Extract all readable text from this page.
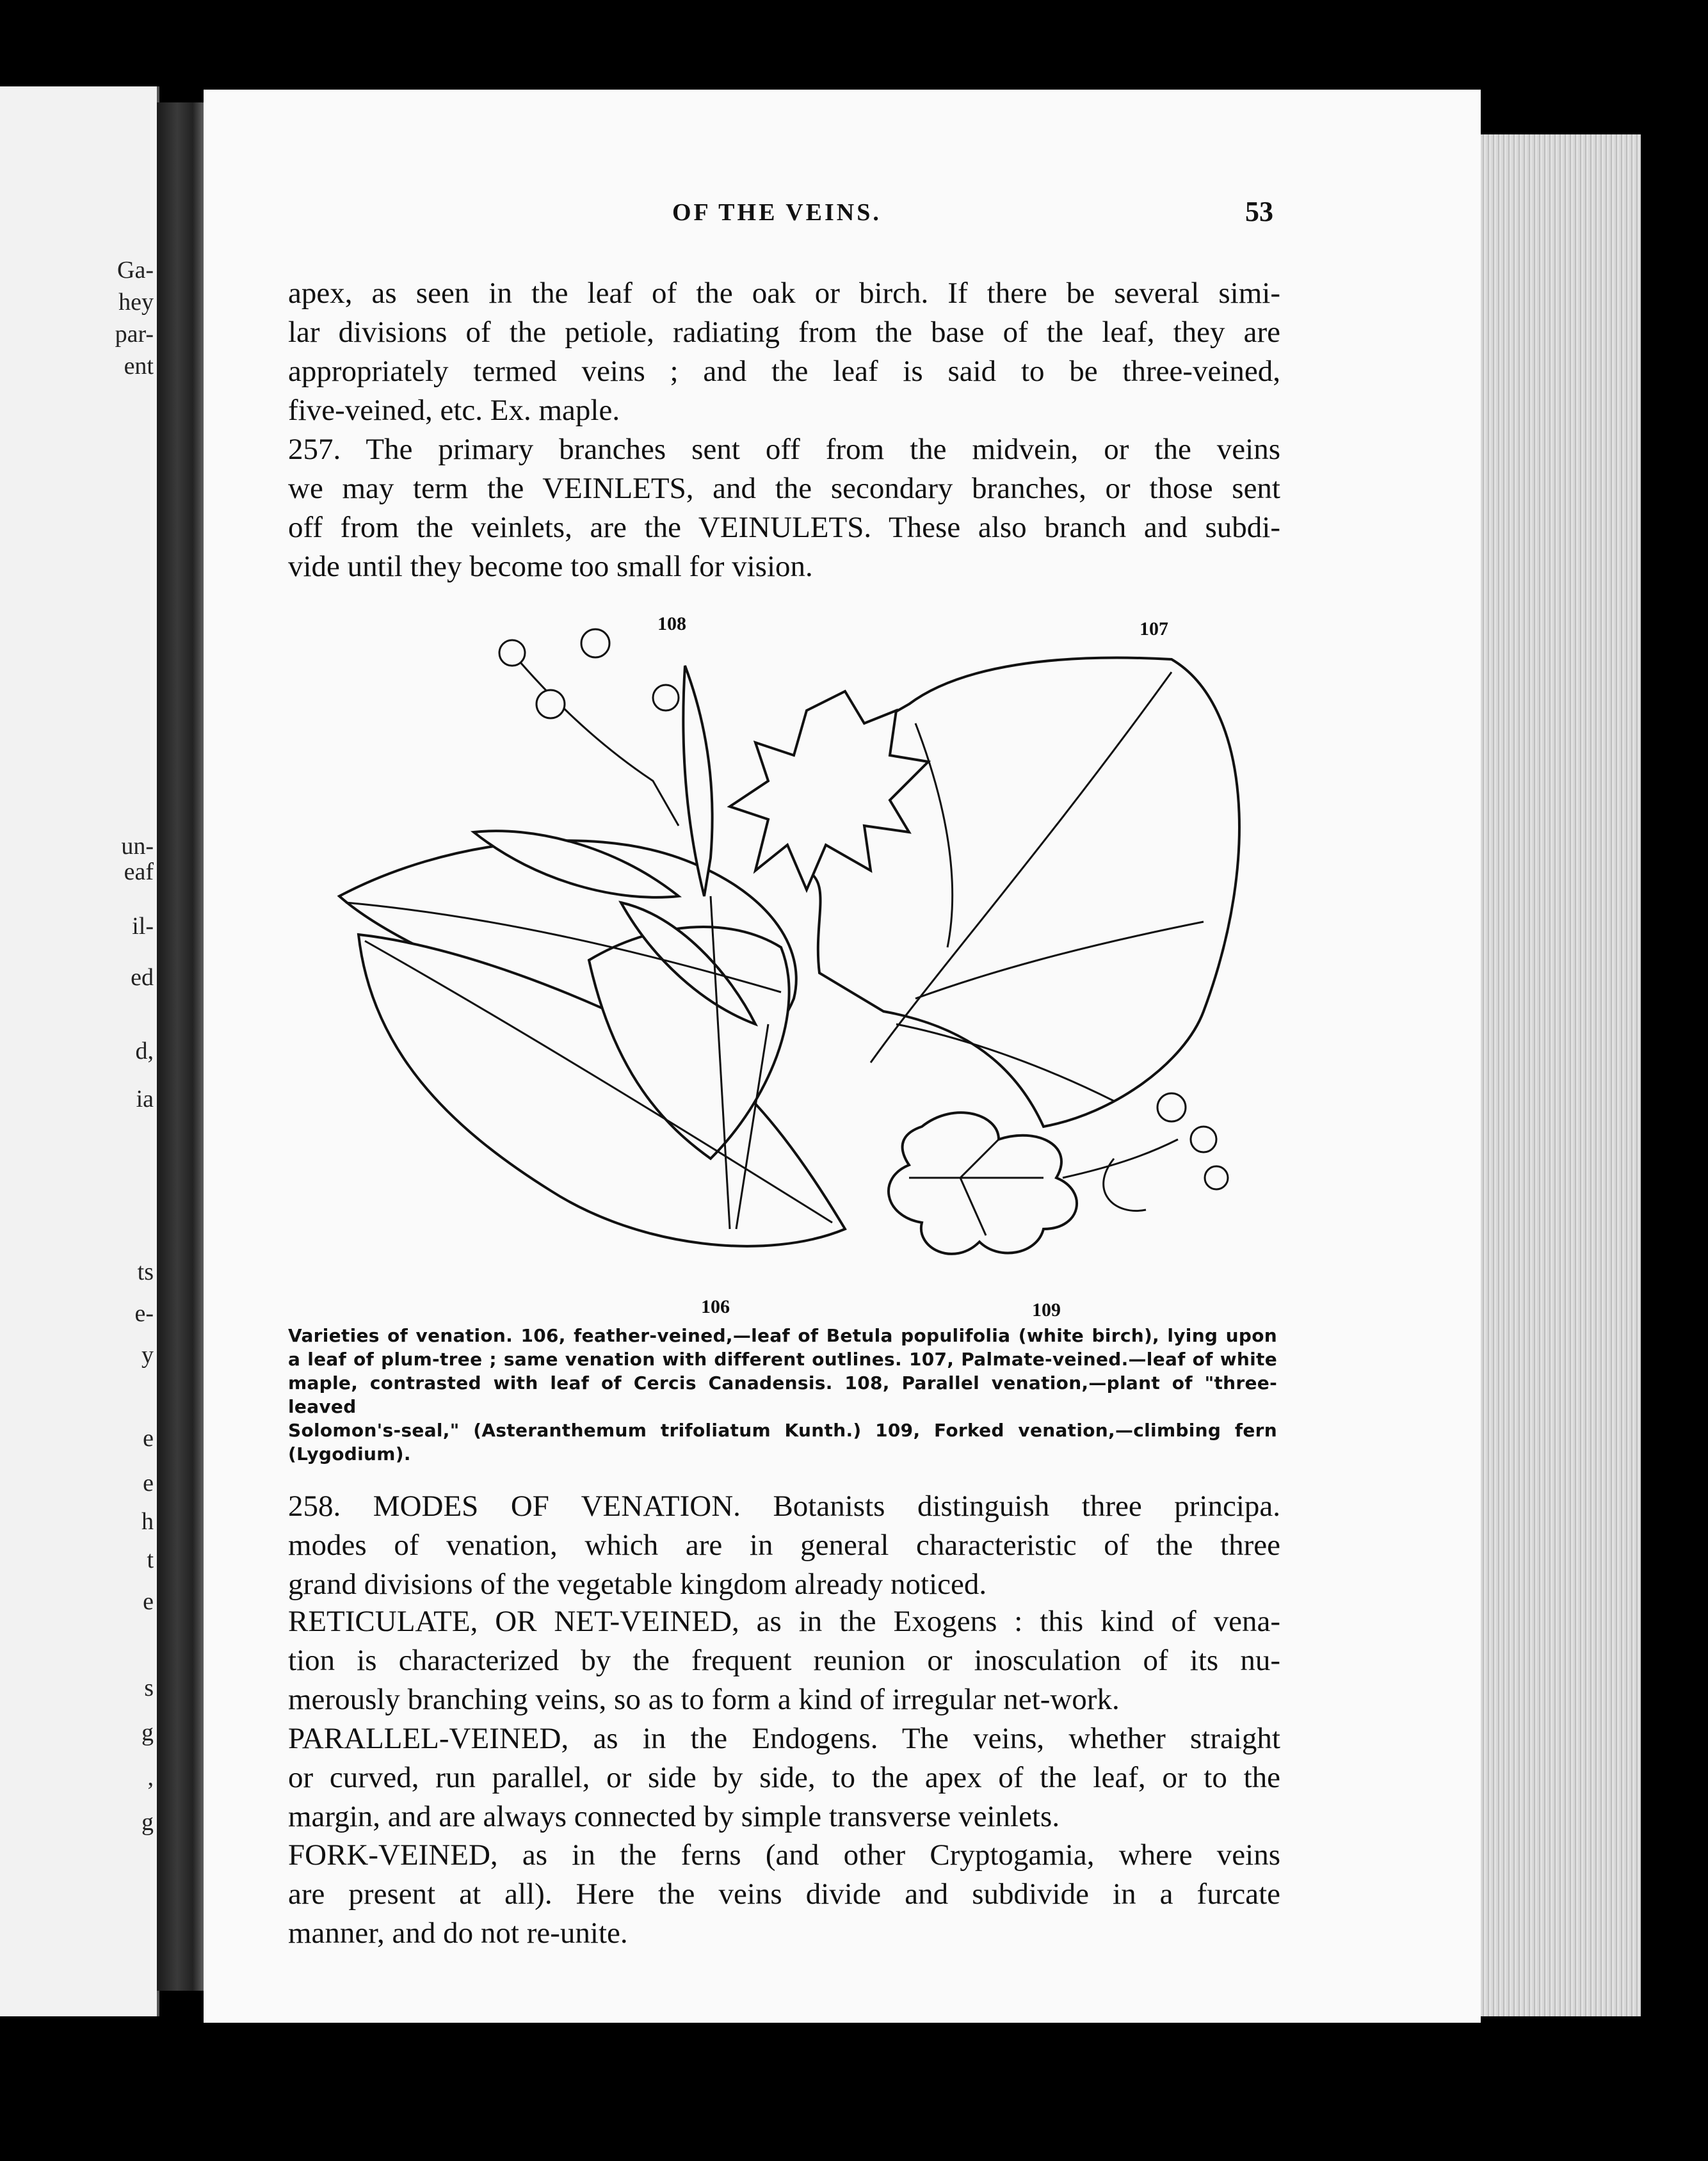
Ga-
hey
par-
ent
un-
eaf
il-
ed
d,
ia
ts
e-
y
e
e
h
t
e
s
g
,
g
OF THE VEINS.	53
apex, as seen in the leaf of the oak or birch. If there be several simi-
lar divisions of the petiole, radiating from the base of the leaf, they are
appropriately termed veins ; and the leaf is said to be three-veined,
five-veined, etc. Ex. maple.
257. The primary branches sent off from the midvein, or the veins
we may term the VEINLETS, and the secondary branches, or those sent
off from the veinlets, are the VEINULETS. These also branch and subdi-
vide until they become too small for vision.
108	107
106	109
Varieties of venation. 106, feather-veined,—leaf of Betula populifolia (white birch), lying upon
a leaf of plum-tree ; same venation with different outlines. 107, Palmate-veined.—leaf of white
maple, contrasted with leaf of Cercis Canadensis. 108, Parallel venation,—plant of "three-leaved
Solomon's-seal," (Asteranthemum trifoliatum Kunth.) 109, Forked venation,—climbing fern
(Lygodium).
258. MODES OF VENATION. Botanists distinguish three principa.
modes of venation, which are in general characteristic of the three
grand divisions of the vegetable kingdom already noticed.
RETICULATE, OR NET-VEINED, as in the Exogens : this kind of vena-
tion is characterized by the frequent reunion or inosculation of its nu-
merously branching veins, so as to form a kind of irregular net-work.
PARALLEL-VEINED, as in the Endogens. The veins, whether straight
or curved, run parallel, or side by side, to the apex of the leaf, or to the
margin, and are always connected by simple transverse veinlets.
FORK-VEINED, as in the ferns (and other Cryptogamia, where veins
are present at all). Here the veins divide and subdivide in a furcate
manner, and do not re-unite.
